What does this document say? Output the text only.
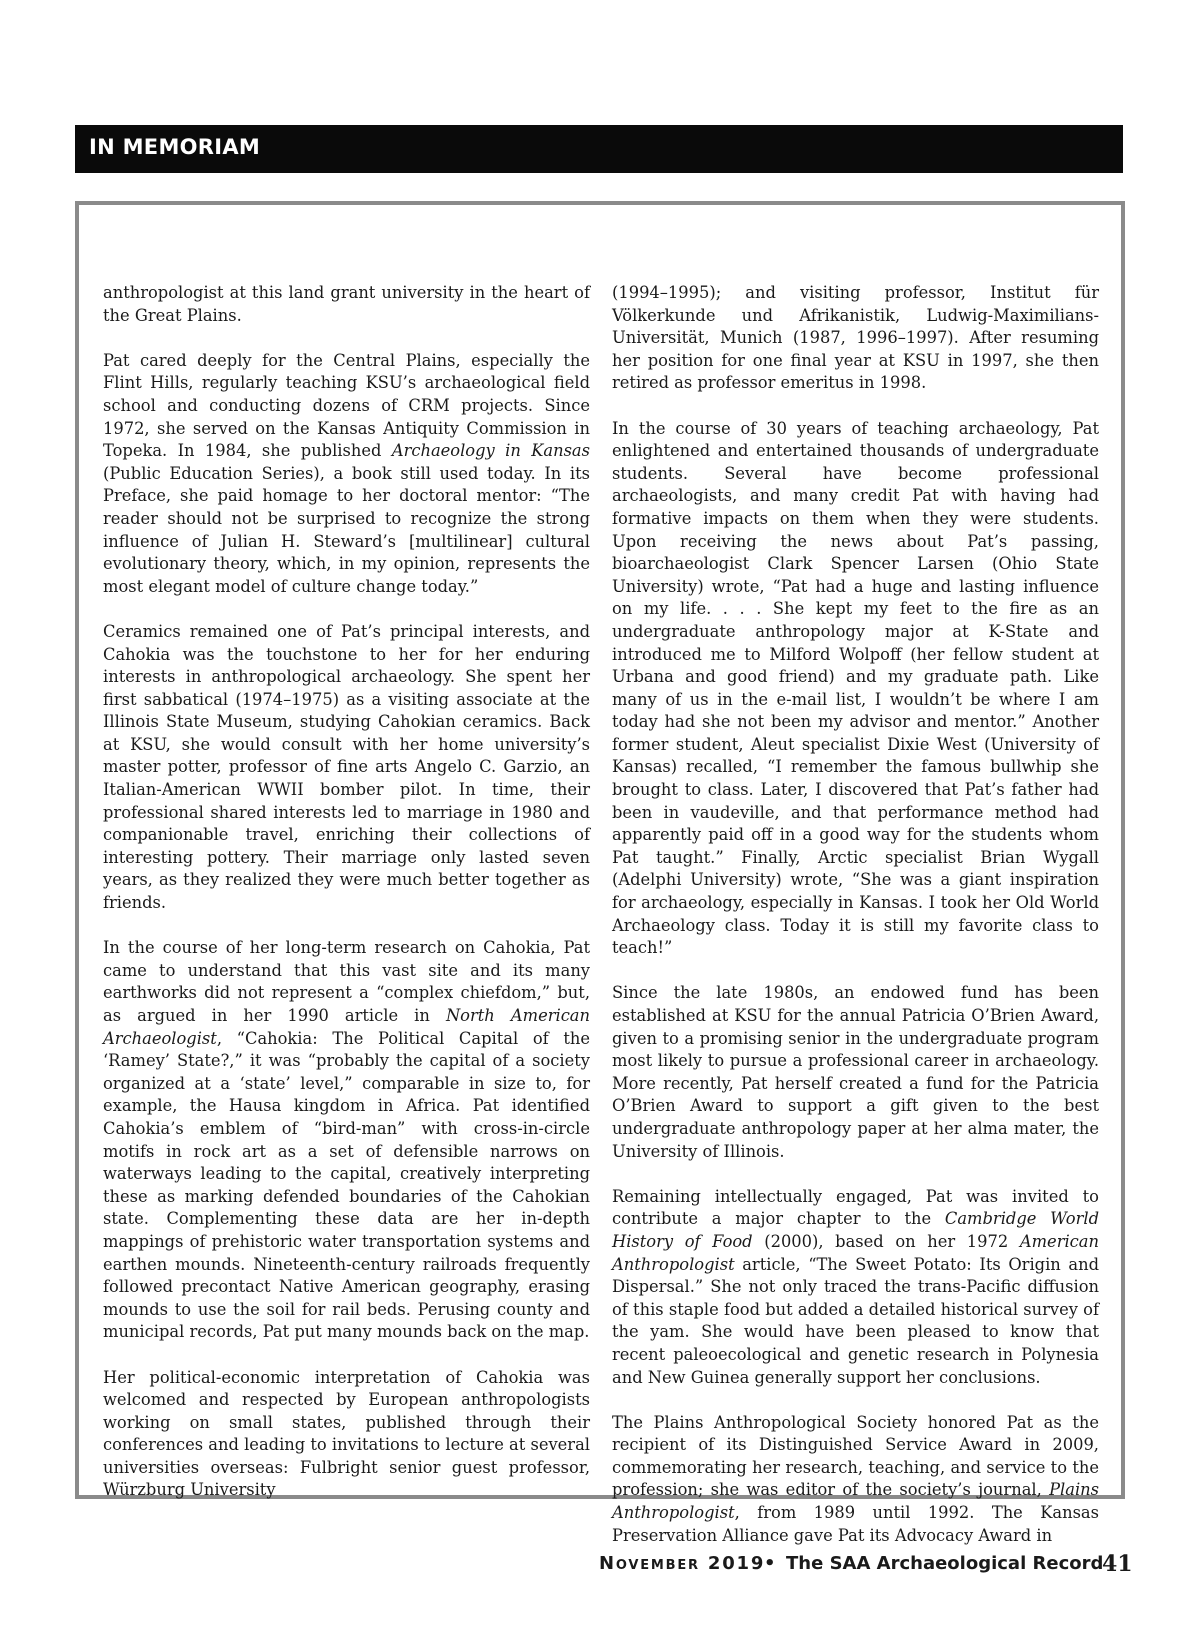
IN MEMORIAM

anthropologist at this land grant university in the heart of the Great Plains.

Pat cared deeply for the Central Plains, especially the Flint Hills, regularly teaching KSU’s archaeological field school and conducting dozens of CRM projects. Since 1972, she served on the Kansas Antiquity Commission in Topeka. In 1984, she published Archaeology in Kansas (Public Education Series), a book still used today. In its Preface, she paid homage to her doctoral mentor: “The reader should not be surprised to recognize the strong influence of Julian H. Steward’s [multilinear] cultural evolutionary theory, which, in my opinion, represents the most elegant model of culture change today.”

Ceramics remained one of Pat’s principal interests, and Cahokia was the touchstone to her for her enduring interests in anthropological archaeology. She spent her first sabbatical (1974–1975) as a visiting associate at the Illinois State Museum, studying Cahokian ceramics. Back at KSU, she would consult with her home university’s master potter, professor of fine arts Angelo C. Garzio, an Italian-American WWII bomber pilot. In time, their professional shared interests led to marriage in 1980 and companionable travel, enriching their collections of interesting pottery. Their marriage only lasted seven years, as they realized they were much better together as friends.

In the course of her long-term research on Cahokia, Pat came to understand that this vast site and its many earthworks did not represent a “complex chiefdom,” but, as argued in her 1990 article in North American Archaeologist, “Cahokia: The Political Capital of the ‘Ramey’ State?,” it was “probably the capital of a society organized at a ‘state’ level,” comparable in size to, for example, the Hausa kingdom in Africa. Pat identified Cahokia’s emblem of “bird-man” with cross-in-circle motifs in rock art as a set of defensible narrows on waterways leading to the capital, creatively interpreting these as marking defended boundaries of the Cahokian state. Complementing these data are her in-depth mappings of prehistoric water transportation systems and earthen mounds. Nineteenth-century railroads frequently followed precontact Native American geography, erasing mounds to use the soil for rail beds. Perusing county and municipal records, Pat put many mounds back on the map.

Her political-economic interpretation of Cahokia was welcomed and respected by European anthropologists working on small states, published through their conferences and leading to invitations to lecture at several universities overseas: Fulbright senior guest professor, Würzburg University

(1994–1995); and visiting professor, Institut für Völkerkunde und Afrikanistik, Ludwig-Maximilians-Universität, Munich (1987, 1996–1997). After resuming her position for one final year at KSU in 1997, she then retired as professor emeritus in 1998.

In the course of 30 years of teaching archaeology, Pat enlightened and entertained thousands of undergraduate students. Several have become professional archaeologists, and many credit Pat with having had formative impacts on them when they were students. Upon receiving the news about Pat’s passing, bioarchaeologist Clark Spencer Larsen (Ohio State University) wrote, “Pat had a huge and lasting influence on my life. . . . She kept my feet to the fire as an undergraduate anthropology major at K-State and introduced me to Milford Wolpoff (her fellow student at Urbana and good friend) and my graduate path. Like many of us in the e-mail list, I wouldn’t be where I am today had she not been my advisor and mentor.” Another former student, Aleut specialist Dixie West (University of Kansas) recalled, “I remember the famous bullwhip she brought to class. Later, I discovered that Pat’s father had been in vaudeville, and that performance method had apparently paid off in a good way for the students whom Pat taught.” Finally, Arctic specialist Brian Wygall (Adelphi University) wrote, “She was a giant inspiration for archaeology, especially in Kansas. I took her Old World Archaeology class. Today it is still my favorite class to teach!”

Since the late 1980s, an endowed fund has been established at KSU for the annual Patricia O’Brien Award, given to a promising senior in the undergraduate program most likely to pursue a professional career in archaeology. More recently, Pat herself created a fund for the Patricia O’Brien Award to support a gift given to the best undergraduate anthropology paper at her alma mater, the University of Illinois.

Remaining intellectually engaged, Pat was invited to contribute a major chapter to the Cambridge World History of Food (2000), based on her 1972 American Anthropologist article, “The Sweet Potato: Its Origin and Dispersal.” She not only traced the trans-Pacific diffusion of this staple food but added a detailed historical survey of the yam. She would have been pleased to know that recent paleoecological and genetic research in Polynesia and New Guinea generally support her conclusions.

The Plains Anthropological Society honored Pat as the recipient of its Distinguished Service Award in 2009, commemorating her research, teaching, and service to the profession; she was editor of the society’s journal, Plains Anthropologist, from 1989 until 1992. The Kansas Preservation Alliance gave Pat its Advocacy Award in

November 2019
• The SAA Archaeological Record
41
